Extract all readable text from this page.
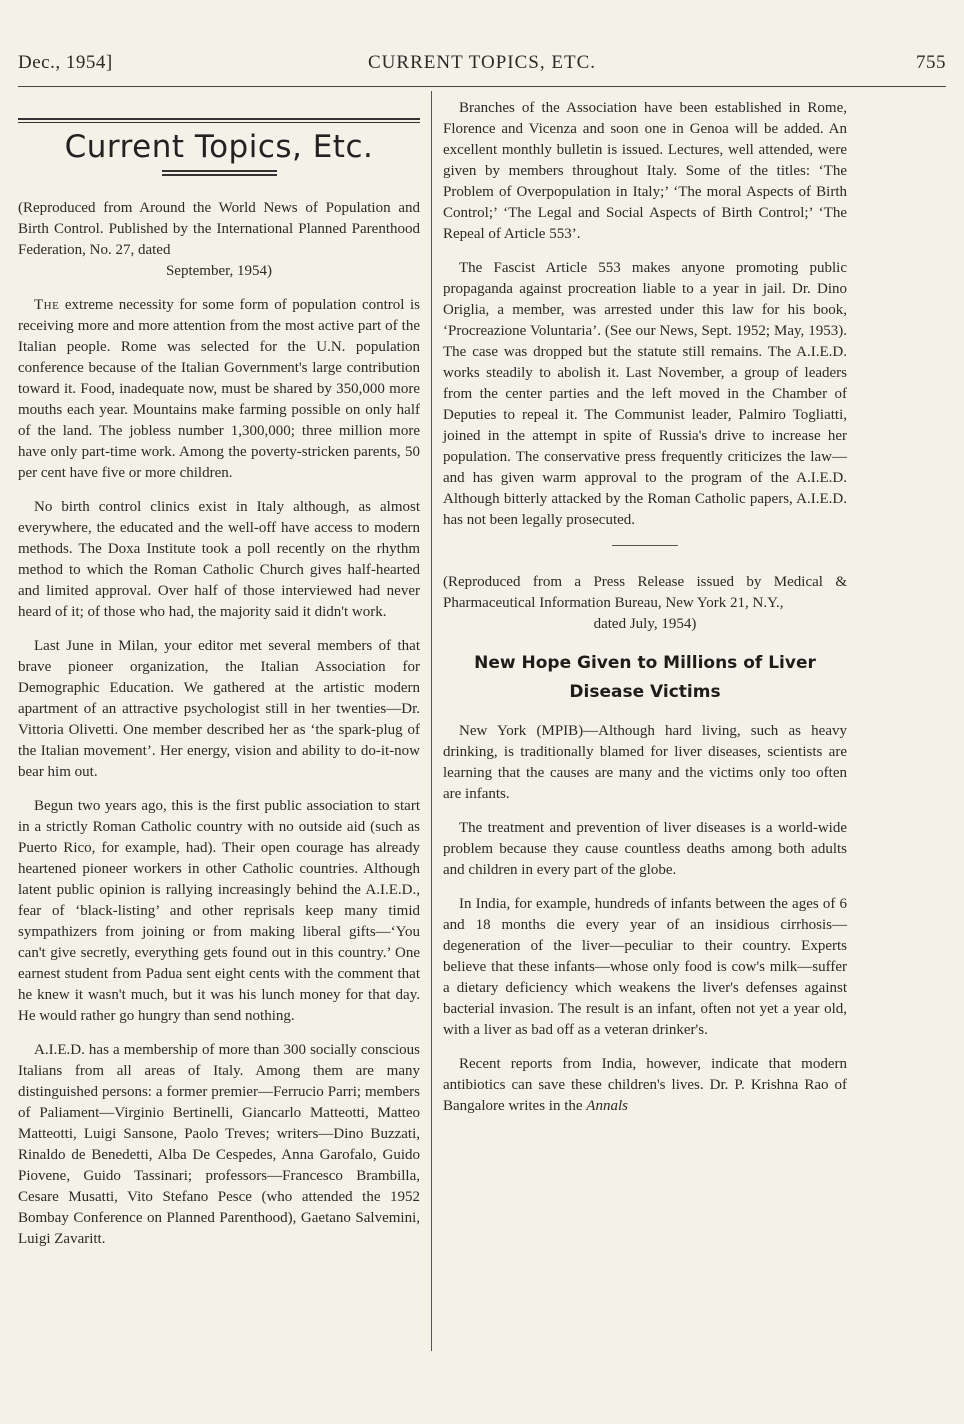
Dec., 1954]	CURRENT TOPICS, ETC.	755
Current Topics, Etc.

(Reproduced from Around the World News of Population and Birth Control. Published by the International Planned Parenthood Federation, No. 27, dated
September, 1954)

The extreme necessity for some form of population control is receiving more and more attention from the most active part of the Italian people. Rome was selected for the U.N. population conference because of the Italian Government's large contribution toward it. Food, inadequate now, must be shared by 350,000 more mouths each year. Mountains make farming possible on only half of the land. The jobless number 1,300,000; three million more have only part-time work. Among the poverty-stricken parents, 50 per cent have five or more children.

No birth control clinics exist in Italy although, as almost everywhere, the educated and the well-off have access to modern methods. The Doxa Institute took a poll recently on the rhythm method to which the Roman Catholic Church gives half-hearted and limited approval. Over half of those interviewed had never heard of it; of those who had, the majority said it didn't work.

Last June in Milan, your editor met several members of that brave pioneer organization, the Italian Association for Demographic Education. We gathered at the artistic modern apartment of an attractive psychologist still in her twenties—Dr. Vittoria Olivetti. One member described her as ‘the spark-plug of the Italian movement’. Her energy, vision and ability to do-it-now bear him out.

Begun two years ago, this is the first public association to start in a strictly Roman Catholic country with no outside aid (such as Puerto Rico, for example, had). Their open courage has already heartened pioneer workers in other Catholic countries. Although latent public opinion is rallying increasingly behind the A.I.E.D., fear of ‘black-listing’ and other reprisals keep many timid sympathizers from joining or from making liberal gifts—‘You can't give secretly, everything gets found out in this country.’ One earnest student from Padua sent eight cents with the comment that he knew it wasn't much, but it was his lunch money for that day. He would rather go hungry than send nothing.

A.I.E.D. has a membership of more than 300 socially conscious Italians from all areas of Italy. Among them are many distinguished persons: a former premier—Ferrucio Parri; members of Paliament—Virginio Bertinelli, Giancarlo Matteotti, Matteo Matteotti, Luigi Sansone, Paolo Treves; writers—Dino Buzzati, Rinaldo de Benedetti, Alba De Cespedes, Anna Garofalo, Guido Piovene, Guido Tassinari; professors—Francesco Brambilla, Cesare Musatti, Vito Stefano Pesce (who attended the 1952 Bombay Conference on Planned Parenthood), Gaetano Salvemini, Luigi Zavaritt.

Branches of the Association have been established in Rome, Florence and Vicenza and soon one in Genoa will be added. An excellent monthly bulletin is issued. Lectures, well attended, were given by members throughout Italy. Some of the titles: ‘The Problem of Overpopulation in Italy;’ ‘The moral Aspects of Birth Control;’ ‘The Legal and Social Aspects of Birth Control;’ ‘The Repeal of Article 553’.

The Fascist Article 553 makes anyone promoting public propaganda against procreation liable to a year in jail. Dr. Dino Origlia, a member, was arrested under this law for his book, ‘Procreazione Voluntaria’. (See our News, Sept. 1952; May, 1953). The case was dropped but the statute still remains. The A.I.E.D. works steadily to abolish it. Last November, a group of leaders from the center parties and the left moved in the Chamber of Deputies to repeal it. The Communist leader, Palmiro Togliatti, joined in the attempt in spite of Russia's drive to increase her population. The conservative press frequently criticizes the law—and has given warm approval to the program of the A.I.E.D. Although bitterly attacked by the Roman Catholic papers, A.I.E.D. has not been legally prosecuted.

(Reproduced from a Press Release issued by Medical & Pharmaceutical Information Bureau, New York 21, N.Y.,
dated July, 1954)

New Hope Given to Millions of Liver
Disease Victims

New York (MPIB)—Although hard living, such as heavy drinking, is traditionally blamed for liver diseases, scientists are learning that the causes are many and the victims only too often are infants.

The treatment and prevention of liver diseases is a world-wide problem because they cause countless deaths among both adults and children in every part of the globe.

In India, for example, hundreds of infants between the ages of 6 and 18 months die every year of an insidious cirrhosis—degeneration of the liver—peculiar to their country. Experts believe that these infants—whose only food is cow's milk—suffer a dietary deficiency which weakens the liver's defenses against bacterial invasion. The result is an infant, often not yet a year old, with a liver as bad off as a veteran drinker's.

Recent reports from India, however, indicate that modern antibiotics can save these children's lives. Dr. P. Krishna Rao of Bangalore writes in the Annals
